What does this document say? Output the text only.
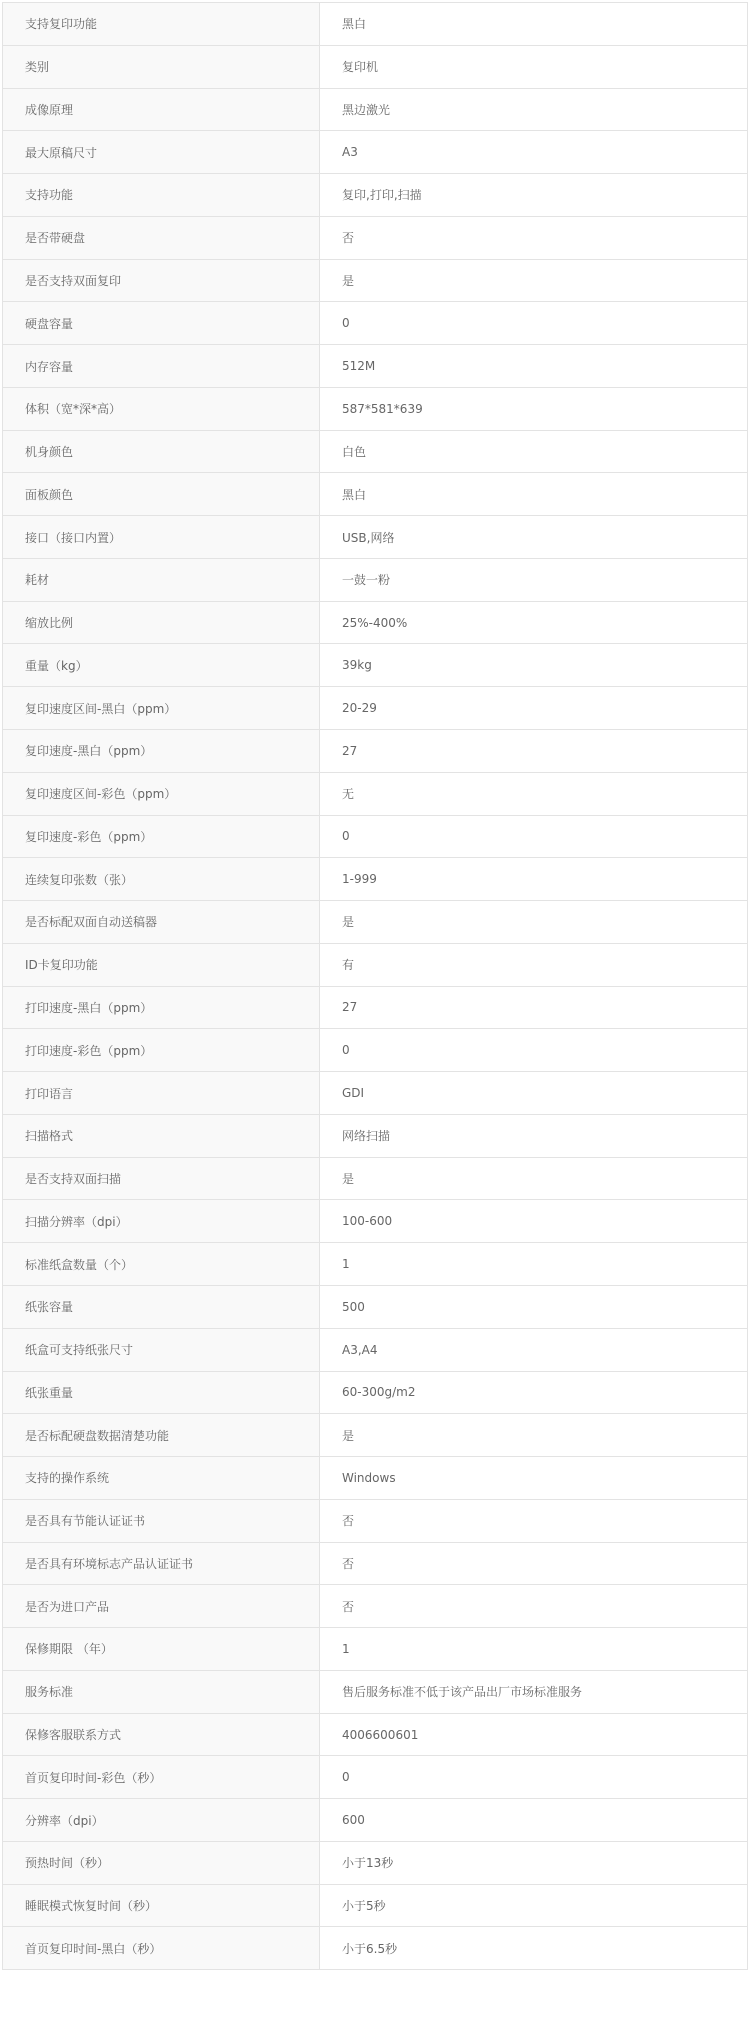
支持复印功能	黑白
类别	复印机
成像原理	黑边激光
最大原稿尺寸	A3
支持功能	复印,打印,扫描
是否带硬盘	否
是否支持双面复印	是
硬盘容量	0
内存容量	512M
体积（宽*深*高）	587*581*639
机身颜色	白色
面板颜色	黑白
接口（接口内置）	USB,网络
耗材	一鼓一粉
缩放比例	25%-400%
重量（kg）	39kg
复印速度区间-黑白（ppm）	20-29
复印速度-黑白（ppm）	27
复印速度区间-彩色（ppm）	无
复印速度-彩色（ppm）	0
连续复印张数（张）	1-999
是否标配双面自动送稿器	是
ID卡复印功能	有
打印速度-黑白（ppm）	27
打印速度-彩色（ppm）	0
打印语言	GDI
扫描格式	网络扫描
是否支持双面扫描	是
扫描分辨率（dpi）	100-600
标准纸盒数量（个）	1
纸张容量	500
纸盒可支持纸张尺寸	A3,A4
纸张重量	60-300g/m2
是否标配硬盘数据清楚功能	是
支持的操作系统	Windows
是否具有节能认证证书	否
是否具有环境标志产品认证证书	否
是否为进口产品	否
保修期限 （年）	1
服务标准	售后服务标准不低于该产品出厂市场标准服务
保修客服联系方式	4006600601
首页复印时间-彩色（秒）	0
分辨率（dpi）	600
预热时间（秒）	小于13秒
睡眠模式恢复时间（秒）	小于5秒
首页复印时间-黑白（秒）	小于6.5秒
